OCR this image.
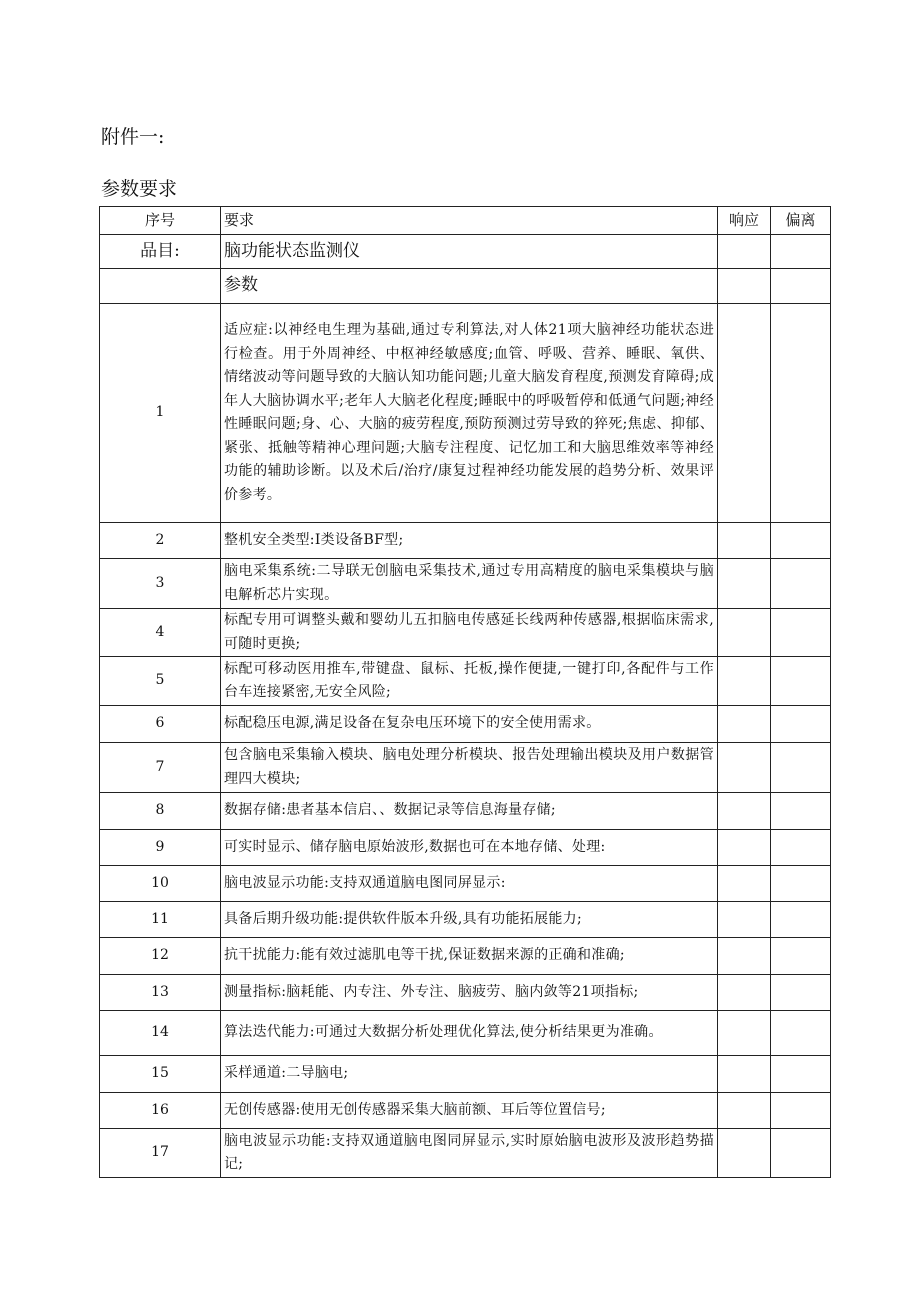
附件一:
参数要求
序号	要求	响应	偏离
品目:	脑功能状态监测仪		
	参数		
1	适应症:以神经电生理为基础,通过专利算法,对人体21项大脑神经功能状态进行检查。用于外周神经、中枢神经敏感度;血管、呼吸、营养、睡眠、氧供、情绪波动等问题导致的大脑认知功能问题;儿童大脑发育程度,预测发育障碍;成年人大脑协调水平;老年人大脑老化程度;睡眠中的呼吸暂停和低通气问题;神经性睡眠问题;身、心、大脑的疲劳程度,预防预测过劳导致的猝死;焦虑、抑郁、紧张、抵触等精神心理问题;大脑专注程度、记忆加工和大脑思维效率等神经功能的辅助诊断。以及术后/治疗/康复过程神经功能发展的趋势分析、效果评价参考。		
2	整机安全类型:I类设备BF型;		
3	脑电采集系统:二导联无创脑电采集技术,通过专用高精度的脑电采集模块与脑电解析芯片实现。		
4	标配专用可调整头戴和婴幼儿五扣脑电传感延长线两种传感器,根据临床需求,可随时更换;		
5	标配可移动医用推车,带键盘、鼠标、托板,操作便捷,一键打印,各配件与工作台车连接紧密,无安全风险;		
6	标配稳压电源,满足设备在复杂电压环境下的安全使用需求。		
7	包含脑电采集输入模块、脑电处理分析模块、报告处理输出模块及用户数据管理四大模块;		
8	数据存储:患者基本信启、、数据记录等信息海量存储;		
9	可实时显示、储存脑电原始波形,数据也可在本地存储、处理:		
10	脑电波显示功能:支持双通道脑电图同屏显示:		
11	具备后期升级功能:提供软件版本升级,具有功能拓展能力;		
12	抗干扰能力:能有效过滤肌电等干扰,保证数据来源的正确和准确;		
13	测量指标:脑耗能、内专注、外专注、脑疲劳、脑内敛等21项指标;		
14	算法迭代能力:可通过大数据分析处理优化算法,使分析结果更为准确。		
15	采样通道:二导脑电;		
16	无创传感器:使用无创传感器采集大脑前额、耳后等位置信号;		
17	脑电波显示功能:支持双通道脑电图同屏显示,实时原始脑电波形及波形趋势描记;		
